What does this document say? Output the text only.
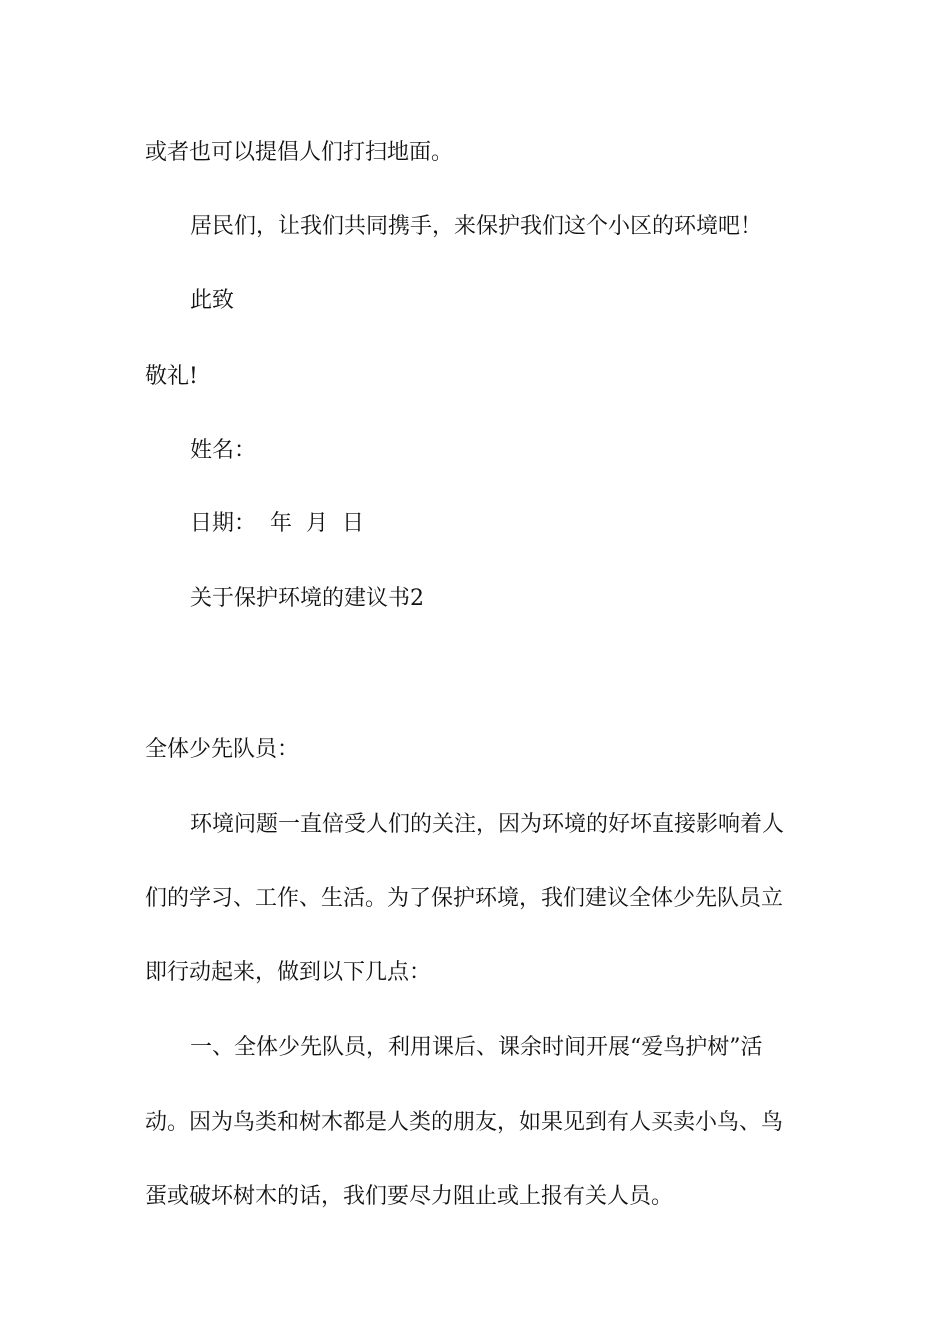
或者也可以提倡人们打扫地面。
居民们，让我们共同携手，来保护我们这个小区的环境吧！
此致
敬礼!
姓名：
日期：  年  月  日
关于保护环境的建议书2
全体少先队员：
环境问题一直倍受人们的关注，因为环境的好坏直接影响着人
们的学习、工作、生活。为了保护环境，我们建议全体少先队员立
即行动起来，做到以下几点：
一、全体少先队员，利用课后、课余时间开展“爱鸟护树”活
动。因为鸟类和树木都是人类的朋友，如果见到有人买卖小鸟、鸟
蛋或破坏树木的话，我们要尽力阻止或上报有关人员。
